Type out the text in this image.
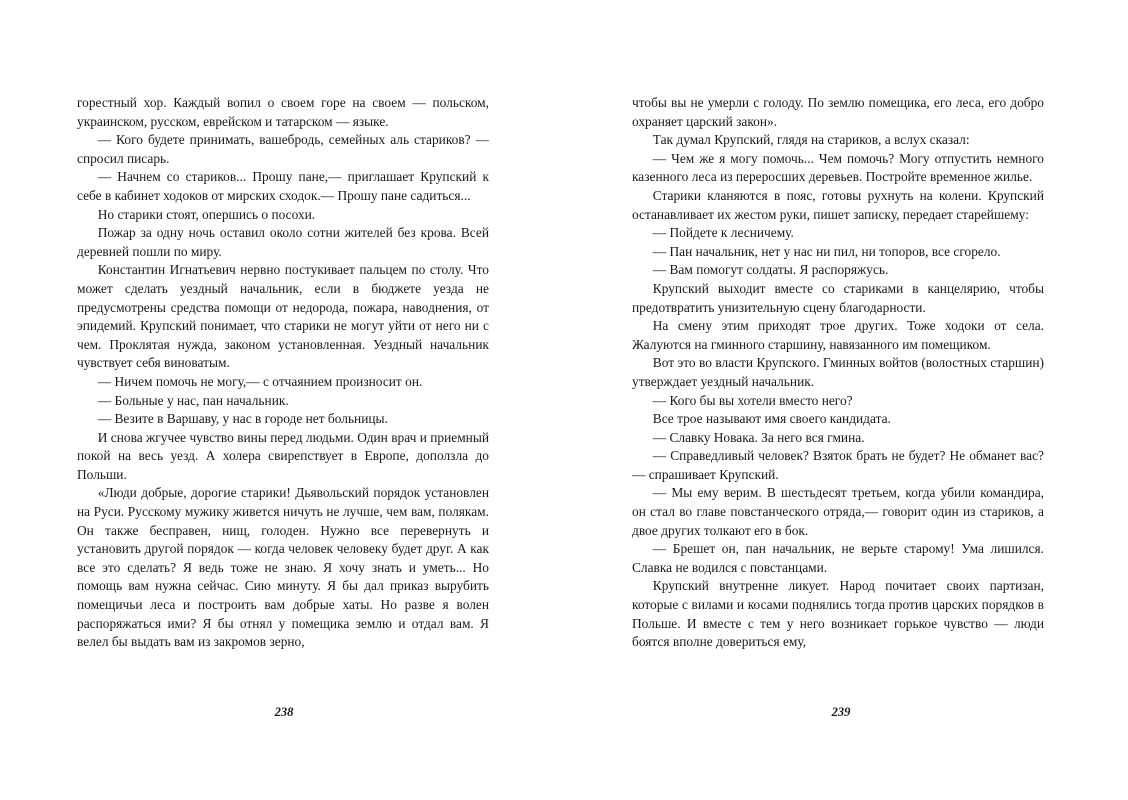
горестный хор. Каждый вопил о своем горе на своем — польском, украинском, русском, еврейском и татарском — языке.

— Кого будете принимать, вашебродь, семейных аль стариков? — спросил писарь.

— Начнем со стариков... Прошу пане,— приглашает Крупский к себе в кабинет ходоков от мирских сходок.— Прошу пане садиться...

Но старики стоят, опершись о посохи.

Пожар за одну ночь оставил около сотни жителей без крова. Всей деревней пошли по миру.

Константин Игнатьевич нервно постукивает пальцем по столу. Что может сделать уездный начальник, если в бюджете уезда не предусмотрены средства помощи от недорода, пожара, наводнения, от эпидемий. Крупский понимает, что старики не могут уйти от него ни с чем. Проклятая нужда, законом установленная. Уездный начальник чувствует себя виноватым.

— Ничем помочь не могу,— с отчаянием произносит он.

— Больные у нас, пан начальник.

— Везите в Варшаву, у нас в городе нет больницы.

И снова жгучее чувство вины перед людьми. Один врач и приемный покой на весь уезд. А холера свирепствует в Европе, доползла до Польши.

«Люди добрые, дорогие старики! Дьявольский порядок установлен на Руси. Русскому мужику живется ничуть не лучше, чем вам, полякам. Он также бесправен, нищ, голоден. Нужно все перевернуть и установить другой порядок — когда человек человеку будет друг. А как все это сделать? Я ведь тоже не знаю. Я хочу знать и уметь... Но помощь вам нужна сейчас. Сию минуту. Я бы дал приказ вырубить помещичьи леса и построить вам добрые хаты. Но разве я волен распоряжаться ими? Я бы отнял у помещика землю и отдал вам. Я велел бы выдать вам из закромов зерно,

238

чтобы вы не умерли с голоду. По землю помещика, его леса, его добро охраняет царский закон».

Так думал Крупский, глядя на стариков, а вслух сказал:

— Чем же я могу помочь... Чем помочь? Могу отпустить немного казенного леса из переросших деревьев. Постройте временное жилье.

Старики кланяются в пояс, готовы рухнуть на колени. Крупский останавливает их жестом руки, пишет записку, передает старейшему:

— Пойдете к лесничему.

— Пан начальник, нет у нас ни пил, ни топоров, все сгорело.

— Вам помогут солдаты. Я распоряжусь.

Крупский выходит вместе со стариками в канцелярию, чтобы предотвратить унизительную сцену благодарности.

На смену этим приходят трое других. Тоже ходоки от села. Жалуются на гминного старшину, навязанного им помещиком.

Вот это во власти Крупского. Гминных войтов (волостных старшин) утверждает уездный начальник.

— Кого бы вы хотели вместо него?

Все трое называют имя своего кандидата.

— Славку Новака. За него вся гмина.

— Справедливый человек? Взяток брать не будет? Не обманет вас? — спрашивает Крупский.

— Мы ему верим. В шестьдесят третьем, когда убили командира, он стал во главе повстанческого отряда,— говорит один из стариков, а двое других толкают его в бок.

— Брешет он, пан начальник, не верьте старому! Ума лишился. Славка не водился с повстанцами.

Крупский внутренне ликует. Народ почитает своих партизан, которые с вилами и косами поднялись тогда против царских порядков в Польше. И вместе с тем у него возникает горькое чувство — люди боятся вполне довериться ему,

239
